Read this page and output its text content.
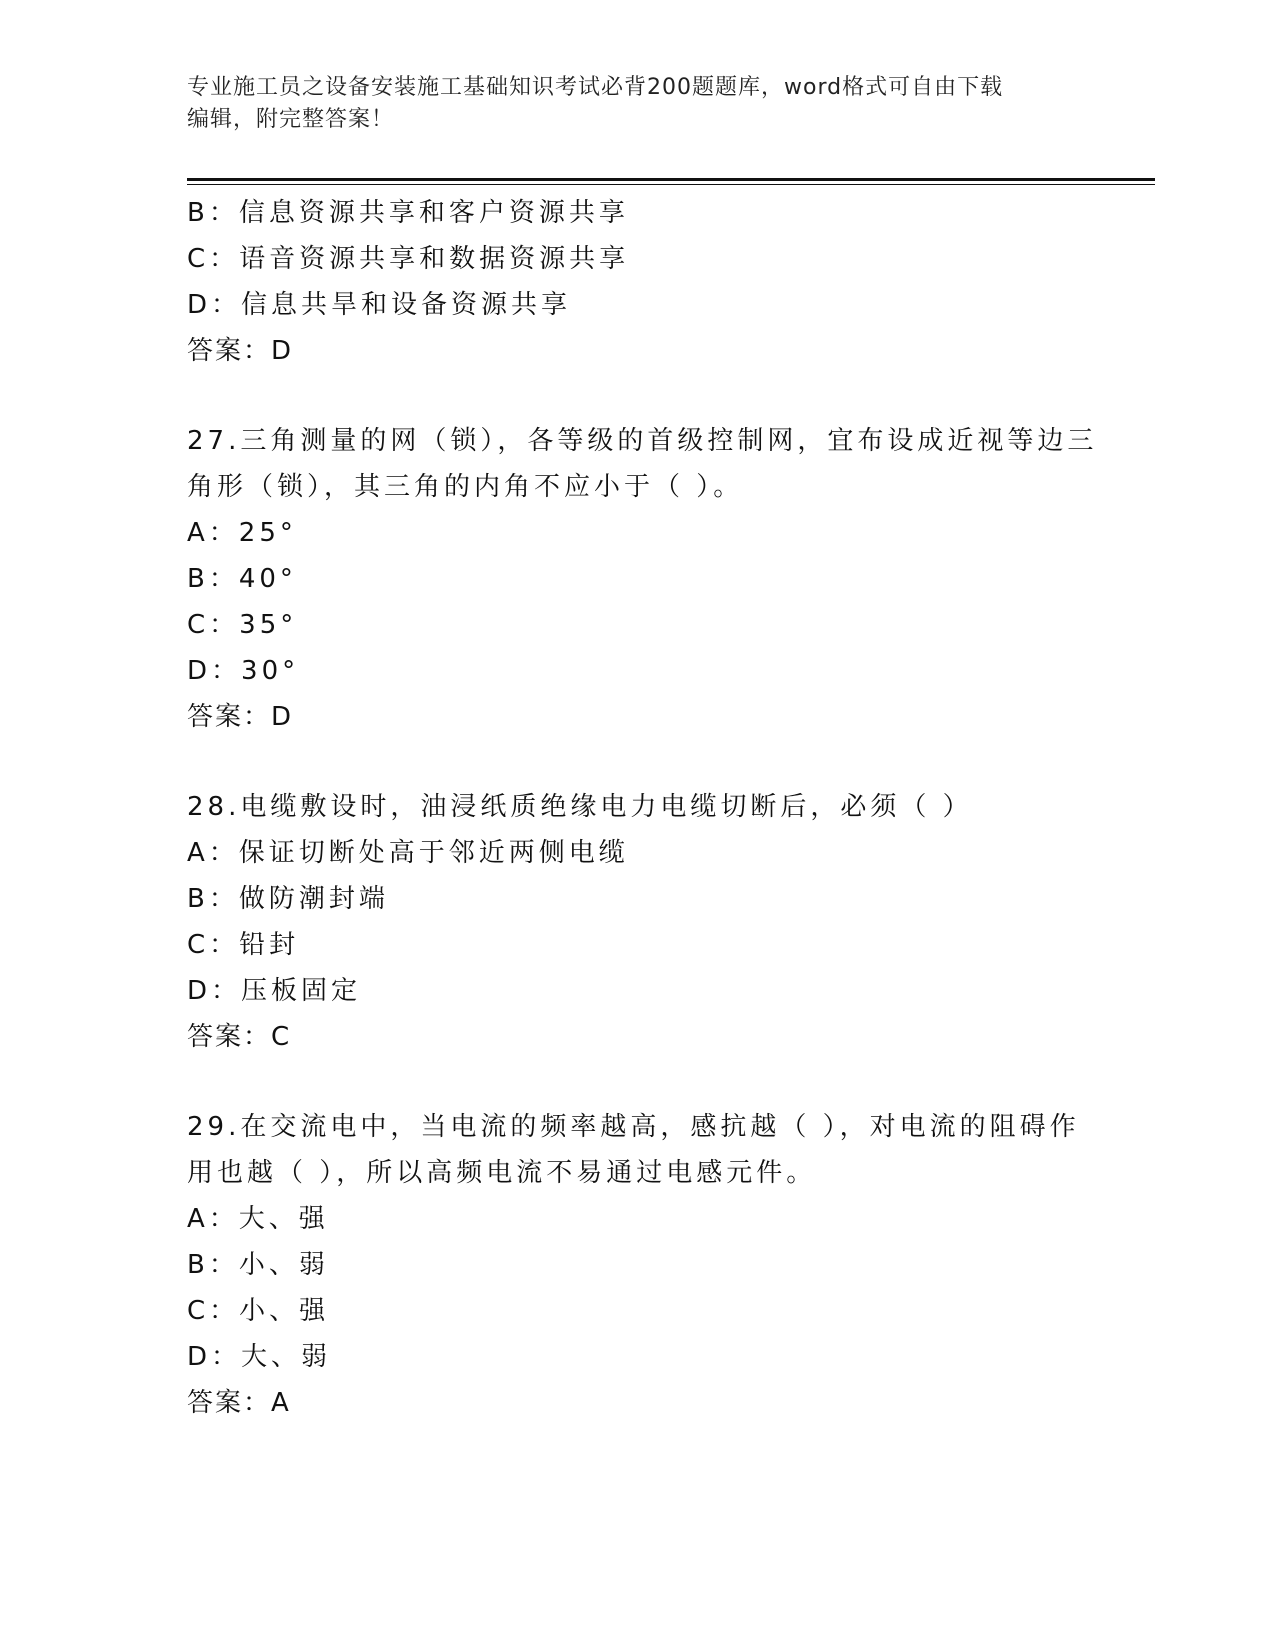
专业施工员之设备安装施工基础知识考试必背200题题库，word格式可自由下载
编辑，附完整答案！
B：信息资源共享和客户资源共享
C：语音资源共享和数据资源共享
D：信息共旱和设备资源共享
答案：D
27.三角测量的网（锁），各等级的首级控制网，宜布设成近视等边三
角形（锁），其三角的内角不应小于（ ）。
A：25°
B：40°
C：35°
D：30°
答案：D
28.电缆敷设时，油浸纸质绝缘电力电缆切断后，必须（ ）
A：保证切断处高于邻近两侧电缆
B：做防潮封端
C：铅封
D：压板固定
答案：C
29.在交流电中，当电流的频率越高，感抗越（ ），对电流的阻碍作
用也越（ ），所以高频电流不易通过电感元件。
A：大、强
B：小、弱
C：小、强
D：大、弱
答案：A
